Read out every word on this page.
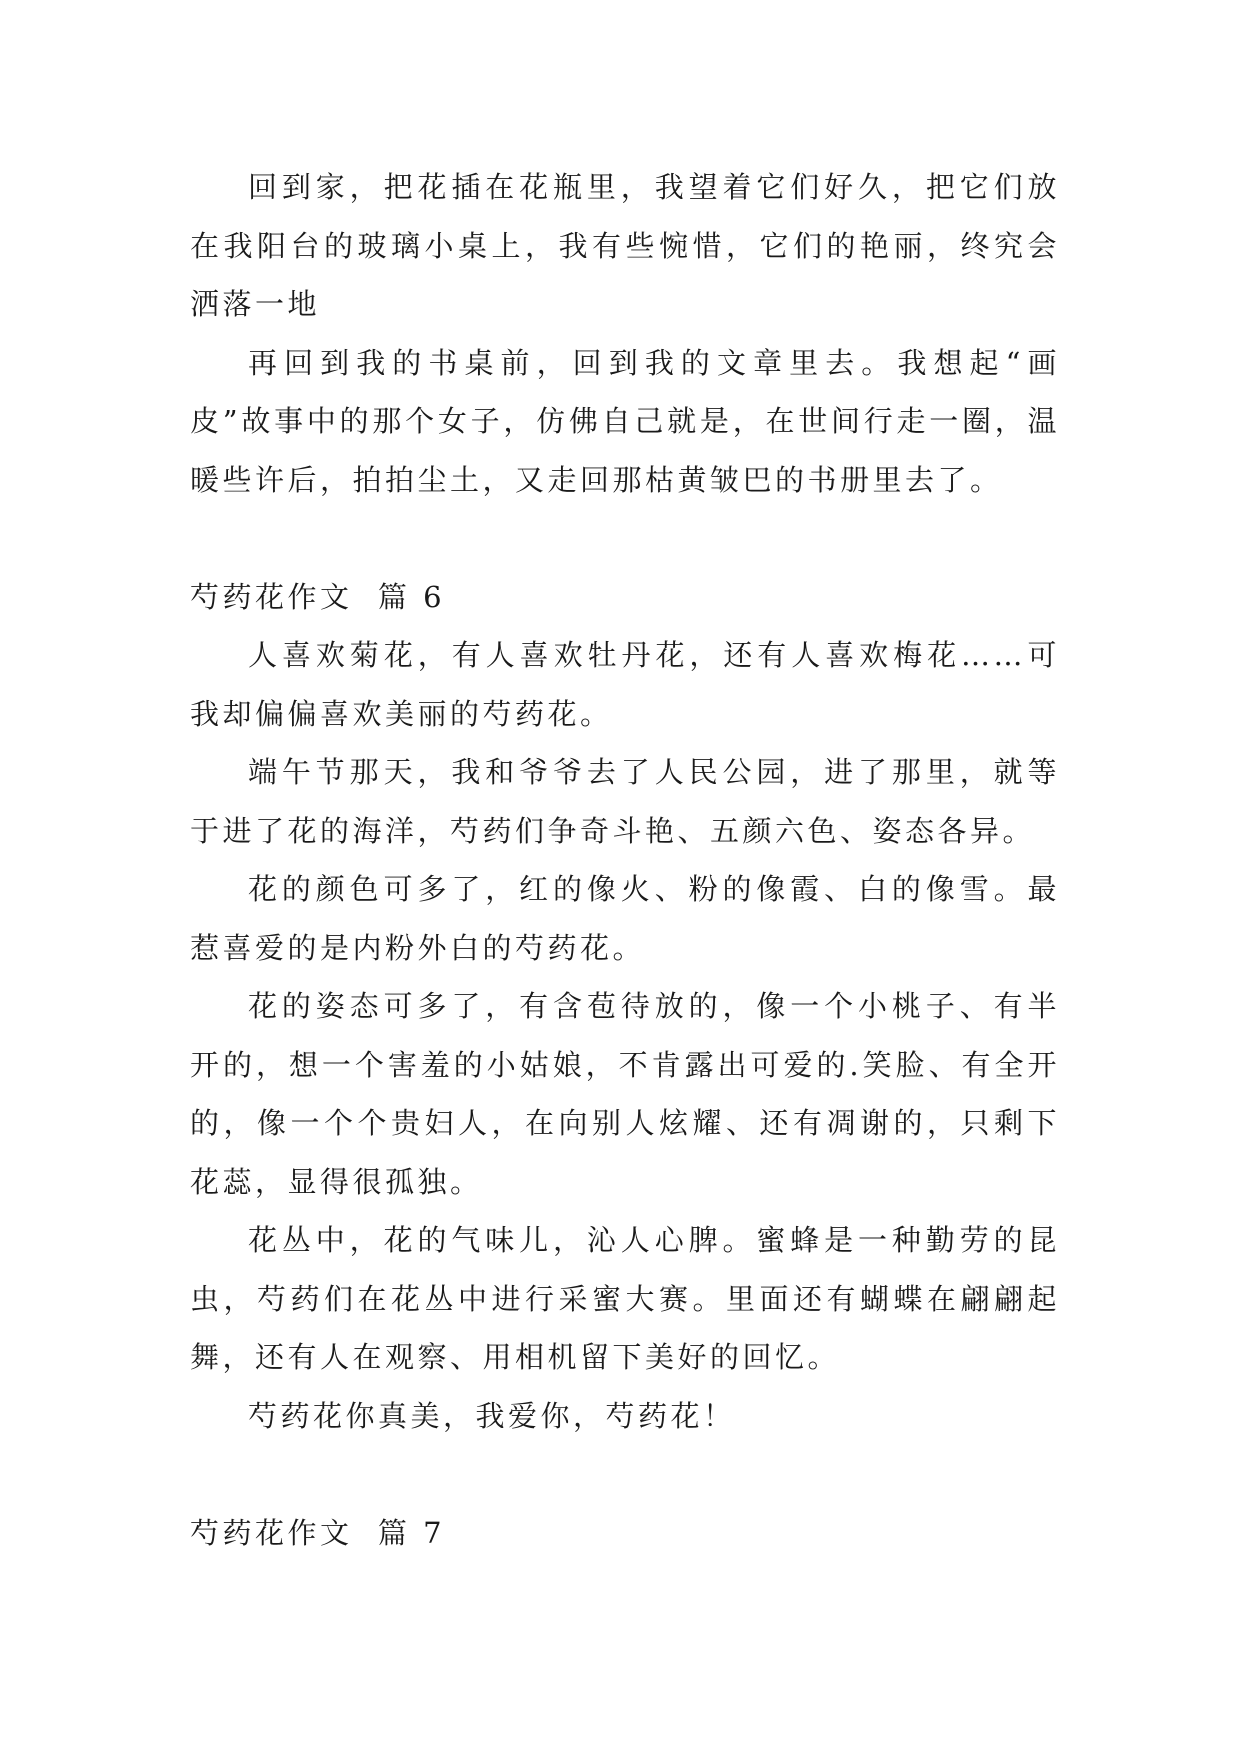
回到家，把花插在花瓶里，我望着它们好久，把它们放在我阳台的玻璃小桌上，我有些惋惜，它们的艳丽，终究会洒落一地

再回到我的书桌前，回到我的文章里去。我想起“画皮”故事中的那个女子，仿佛自己就是，在世间行走一圈，温暖些许后，拍拍尘土，又走回那枯黄皱巴的书册里去了。

芍药花作文  篇 6

人喜欢菊花，有人喜欢牡丹花，还有人喜欢梅花……可我却偏偏喜欢美丽的芍药花。

端午节那天，我和爷爷去了人民公园，进了那里，就等于进了花的海洋，芍药们争奇斗艳、五颜六色、姿态各异。

花的颜色可多了，红的像火、粉的像霞、白的像雪。最惹喜爱的是内粉外白的芍药花。

花的姿态可多了，有含苞待放的，像一个小桃子、有半开的，想一个害羞的小姑娘，不肯露出可爱的.笑脸、有全开的，像一个个贵妇人，在向别人炫耀、还有凋谢的，只剩下花蕊，显得很孤独。

花丛中，花的气味儿，沁人心脾。蜜蜂是一种勤劳的昆虫，芍药们在花丛中进行采蜜大赛。里面还有蝴蝶在翩翩起舞，还有人在观察、用相机留下美好的回忆。

芍药花你真美，我爱你，芍药花！

芍药花作文  篇 7
